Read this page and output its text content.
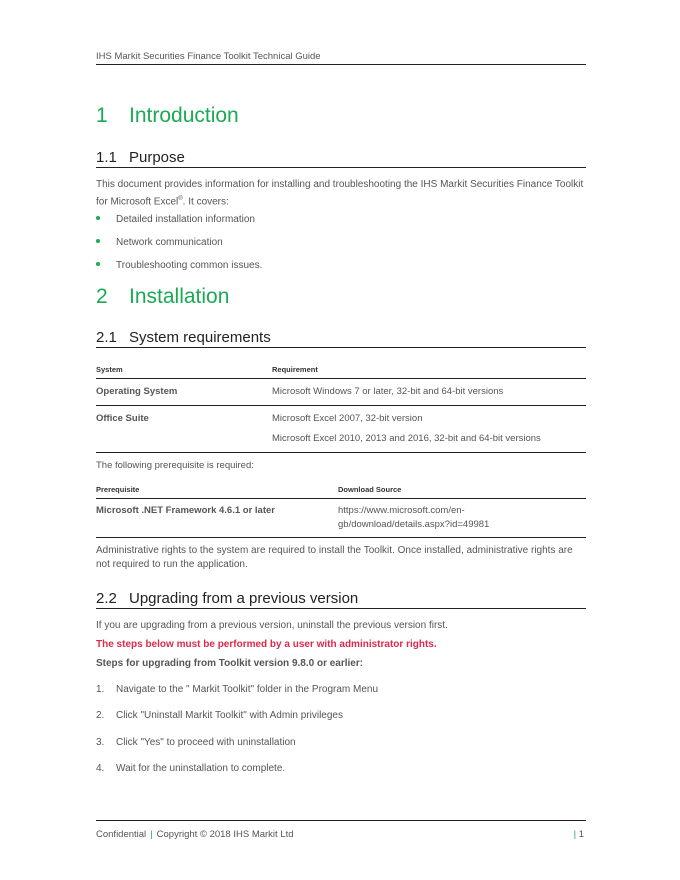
IHS Markit Securities Finance Toolkit Technical Guide
1 Introduction
1.1 Purpose
This document provides information for installing and troubleshooting the IHS Markit Securities Finance Toolkit for Microsoft Excel®. It covers:
Detailed installation information
Network communication
Troubleshooting common issues.
2 Installation
2.1 System requirements
System	Requirement
Operating System	Microsoft Windows 7 or later, 32-bit and 64-bit versions
Office Suite	Microsoft Excel 2007, 32-bit version
Microsoft Excel 2010, 2013 and 2016, 32-bit and 64-bit versions
The following prerequisite is required:
Prerequisite	Download Source
Microsoft .NET Framework 4.6.1 or later	https://www.microsoft.com/en-
gb/download/details.aspx?id=49981
Administrative rights to the system are required to install the Toolkit. Once installed, administrative rights are not required to run the application.
2.2 Upgrading from a previous version
If you are upgrading from a previous version, uninstall the previous version first.
The steps below must be performed by a user with administrator rights.
Steps for upgrading from Toolkit version 9.8.0 or earlier:
1. Navigate to the " Markit Toolkit" folder in the Program Menu
2. Click "Uninstall Markit Toolkit" with Admin privileges
3. Click "Yes" to proceed with uninstallation
4. Wait for the uninstallation to complete.
Confidential | Copyright © 2018 IHS Markit Ltd	| 1
